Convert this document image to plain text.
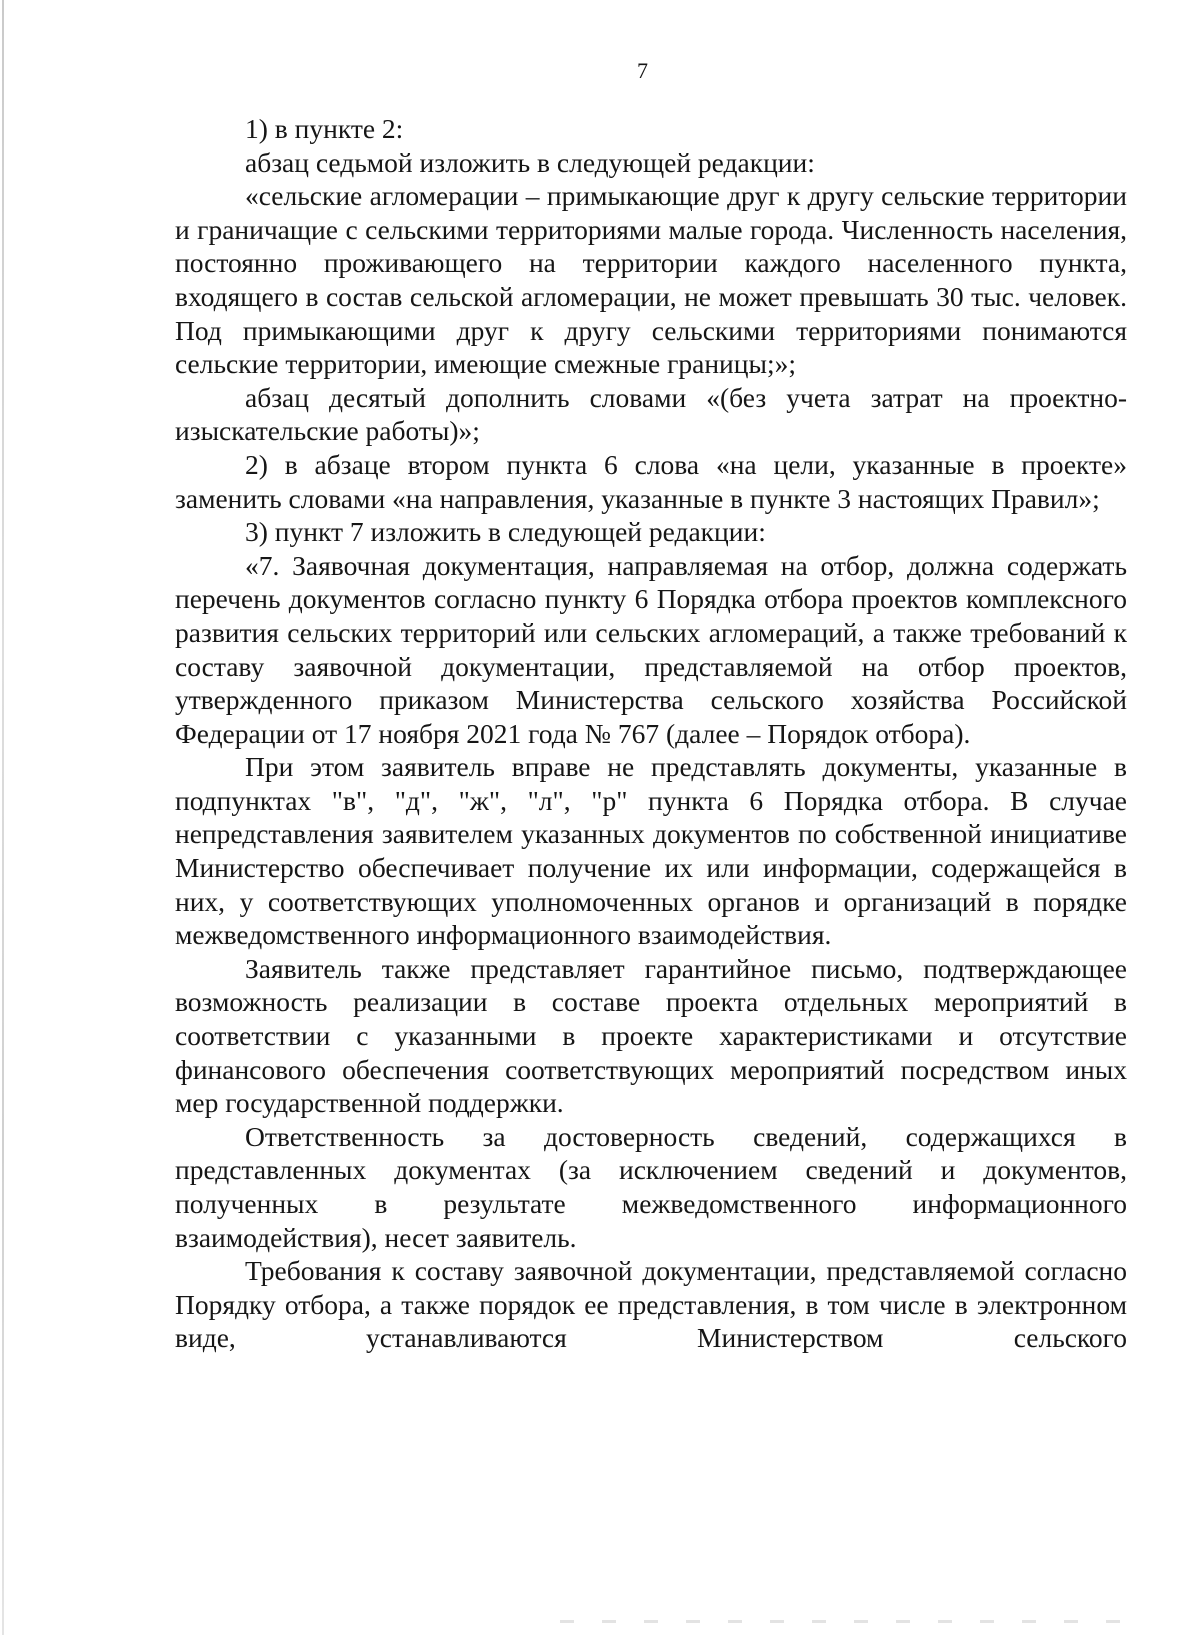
7

1) в пункте 2:

абзац седьмой изложить в следующей редакции:

«сельские агломерации – примыкающие друг к другу сельские территории и граничащие с сельскими территориями малые города. Численность населения, постоянно проживающего на территории каждого населенного пункта, входящего в состав сельской агломерации, не может превышать 30 тыс. человек. Под примыкающими друг к другу сельскими территориями понимаются сельские территории, имеющие смежные границы;»;

абзац десятый дополнить словами «(без учета затрат на проектно-изыскательские работы)»;

2) в абзаце втором пункта 6 слова «на цели, указанные в проекте» заменить словами «на направления, указанные в пункте 3 настоящих Правил»;

3) пункт 7 изложить в следующей редакции:

«7. Заявочная документация, направляемая на отбор, должна содержать перечень документов согласно пункту 6 Порядка отбора проектов комплексного развития сельских территорий или сельских агломераций, а также требований к составу заявочной документации, представляемой на отбор проектов, утвержденного приказом Министерства сельского хозяйства Российской Федерации от 17 ноября 2021 года № 767 (далее – Порядок отбора).

При этом заявитель вправе не представлять документы, указанные в подпунктах "в", "д", "ж", "л", "р" пункта 6 Порядка отбора. В случае непредставления заявителем указанных документов по собственной инициативе Министерство обеспечивает получение их или информации, содержащейся в них, у соответствующих уполномоченных органов и организаций в порядке межведомственного информационного взаимодействия.

Заявитель также представляет гарантийное письмо, подтверждающее возможность реализации в составе проекта отдельных мероприятий в соответствии с указанными в проекте характеристиками и отсутствие финансового обеспечения соответствующих мероприятий посредством иных мер государственной поддержки.

Ответственность за достоверность сведений, содержащихся в представленных документах (за исключением сведений и документов, полученных в результате межведомственного информационного взаимодействия), несет заявитель.

Требования к составу заявочной документации, представляемой согласно Порядку отбора, а также порядок ее представления, в том числе в электронном виде, устанавливаются Министерством сельского
